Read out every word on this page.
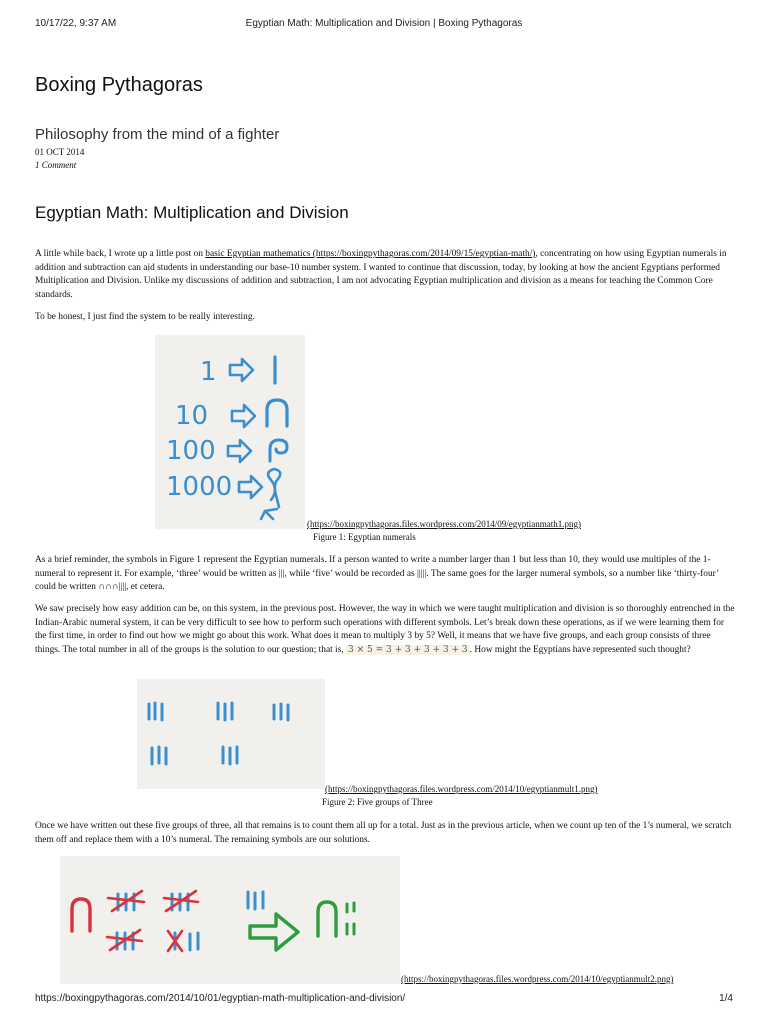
10/17/22, 9:37 AM	Egyptian Math: Multiplication and Division | Boxing Pythagoras
Boxing Pythagoras
Philosophy from the mind of a fighter
01 OCT 2014
1 Comment
Egyptian Math: Multiplication and Division

A little while back, I wrote up a little post on basic Egyptian mathematics (https://boxingpythagoras.com/2014/09/15/egyptian-math/), concentrating on how using Egyptian numerals in addition and subtraction can aid students in understanding our base-10 number system. I wanted to continue that discussion, today, by looking at how the ancient Egyptians performed Multiplication and Division. Unlike my discussions of addition and subtraction, I am not advocating Egyptian multiplication and division as a means for teaching the Common Core standards.

To be honest, I just find the system to be really interesting.

1
10
100
1000
(https://boxingpythagoras.files.wordpress.com/2014/09/egyptianmath1.png)
Figure 1: Egyptian numerals

As a brief reminder, the symbols in Figure 1 represent the Egyptian numerals. If a person wanted to write a number larger than 1 but less than 10, they would use multiples of the 1-numeral to represent it. For example, ‘three’ would be written as |||, while ‘five’ would be recorded as |||||. The same goes for the larger numeral symbols, so a number like ‘thirty-four’ could be written ∩∩∩||||, et cetera.

We saw precisely how easy addition can be, on this system, in the previous post. However, the way in which we were taught multiplication and division is so thoroughly entrenched in the Indian-Arabic numeral system, it can be very difficult to see how to perform such operations with different symbols. Let’s break down these operations, as if we were learning them for the first time, in order to find out how we might go about this work. What does it mean to multiply 3 by 5? Well, it means that we have five groups, and each group consists of three things. The total number in all of the groups is the solution to our question; that is, 3 × 5 = 3 + 3 + 3 + 3 + 3 . How might the Egyptians have represented such thought?

(https://boxingpythagoras.files.wordpress.com/2014/10/egyptianmult1.png)
Figure 2: Five groups of Three

Once we have written out these five groups of three, all that remains is to count them all up for a total. Just as in the previous article, when we count up ten of the 1’s numeral, we scratch them off and replace them with a 10’s numeral. The remaining symbols are our solutions.

(https://boxingpythagoras.files.wordpress.com/2014/10/egyptianmult2.png)
https://boxingpythagoras.com/2014/10/01/egyptian-math-multiplication-and-division/	1/4
